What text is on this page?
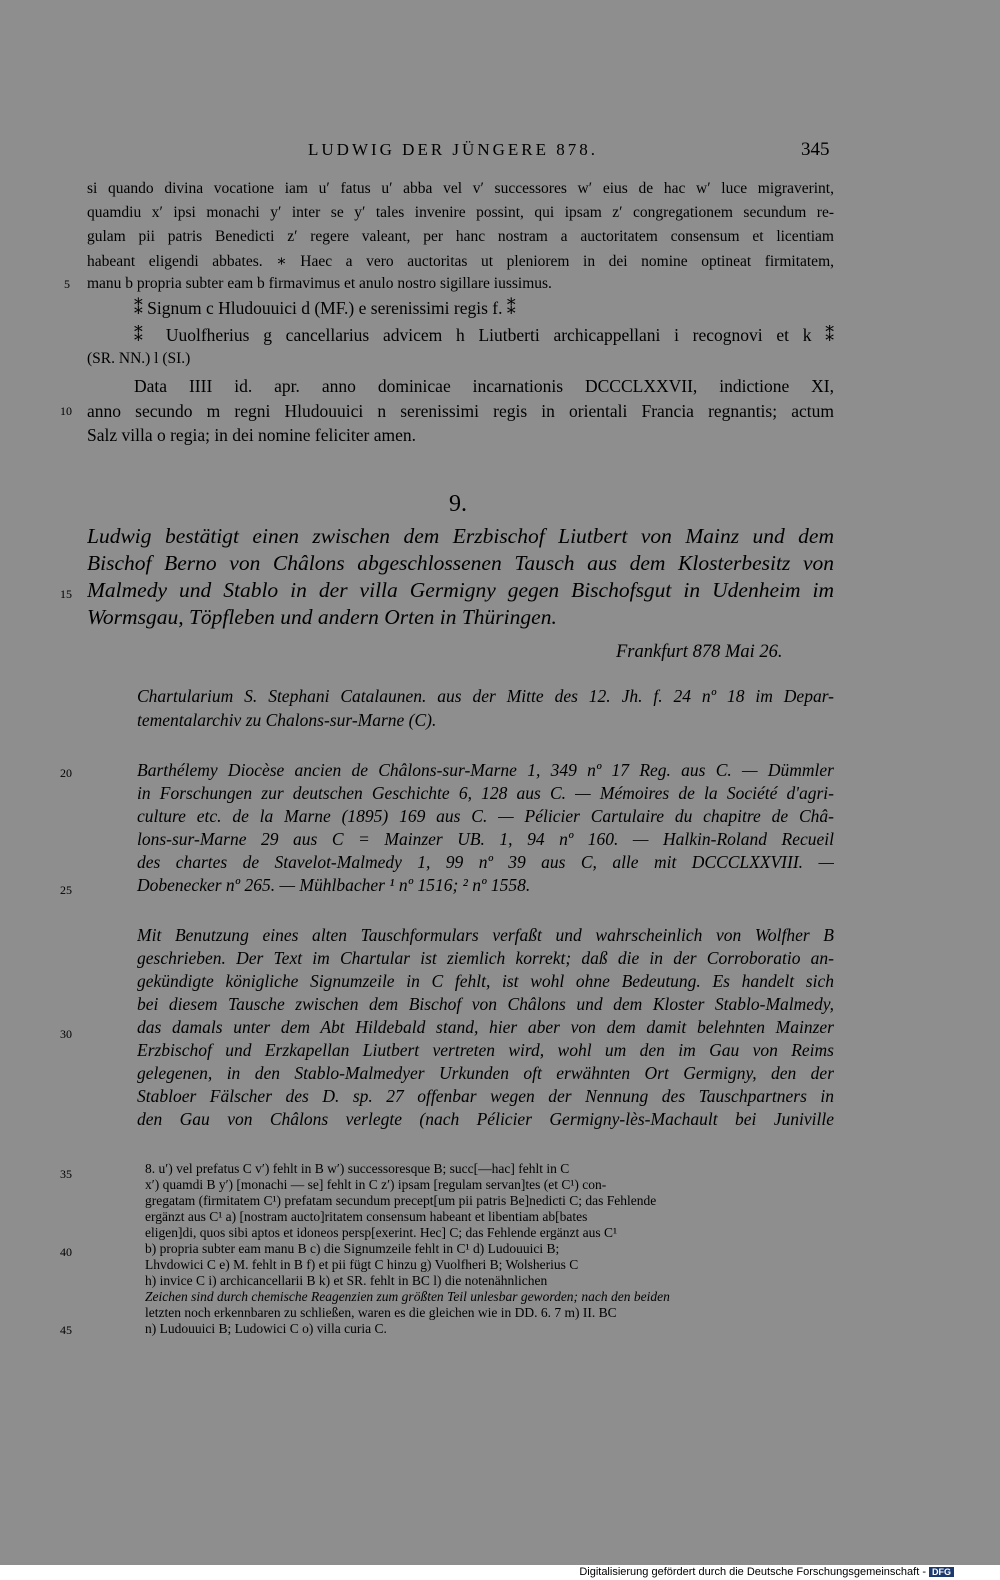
LUDWIG DER JÜNGERE 878.	345
si quando divina vocatione iam u′ fatus u′ abba vel v′ successores w′ eius de hac w′ luce migraverint,
quamdiu x′ ipsi monachi y′ inter se y′ tales invenire possint, qui ipsam z′ congregationem secundum re-
gulam pii patris Benedicti z′ regere valeant, per hanc nostram a auctoritatem consensum et licentiam
habeant eligendi abbates. ∗ Haec a vero auctoritas ut pleniorem in dei nomine optineat firmitatem,
manu b propria subter eam b firmavimus et anulo nostro sigillare iussimus.
⁑ Signum c Hludouuici d (MF.) e serenissimi regis f. ⁑
⁑ Uuolfherius g cancellarius advicem h Liutberti archicappellani i recognovi et k ⁑
(SR. NN.) l (SI.)
Data IIII id. apr. anno dominicae incarnationis DCCCLXXVII, indictione XI,
anno secundo m regni Hludouuici n serenissimi regis in orientali Francia regnantis; actum
Salz villa o regia; in dei nomine feliciter amen.
5
10
15
20
25
30
35
40
45
9.
Ludwig bestätigt einen zwischen dem Erzbischof Liutbert von Mainz und dem
Bischof Berno von Châlons abgeschlossenen Tausch aus dem Klosterbesitz von
Malmedy und Stablo in der villa Germigny gegen Bischofsgut in Udenheim im
Wormsgau, Töpfleben und andern Orten in Thüringen.
Frankfurt 878 Mai 26.
Chartularium S. Stephani Catalaunen. aus der Mitte des 12. Jh. f. 24 nº 18 im Depar-
tementalarchiv zu Chalons-sur-Marne (C).
Barthélemy Diocèse ancien de Châlons-sur-Marne 1, 349 nº 17 Reg. aus C. — Dümmler
in Forschungen zur deutschen Geschichte 6, 128 aus C. — Mémoires de la Société d'agri-
culture etc. de la Marne (1895) 169 aus C. — Pélicier Cartulaire du chapitre de Châ-
lons-sur-Marne 29 aus C = Mainzer UB. 1, 94 nº 160. — Halkin-Roland Recueil
des chartes de Stavelot-Malmedy 1, 99 nº 39 aus C, alle mit DCCCLXXVIII. —
Dobenecker nº 265. — Mühlbacher ¹ nº 1516; ² nº 1558.
Mit Benutzung eines alten Tauschformulars verfaßt und wahrscheinlich von Wolfher B
geschrieben. Der Text im Chartular ist ziemlich korrekt; daß die in der Corroboratio an-
gekündigte königliche Signumzeile in C fehlt, ist wohl ohne Bedeutung. Es handelt sich
bei diesem Tausche zwischen dem Bischof von Châlons und dem Kloster Stablo-Malmedy,
das damals unter dem Abt Hildebald stand, hier aber von dem damit belehnten Mainzer
Erzbischof und Erzkapellan Liutbert vertreten wird, wohl um den im Gau von Reims
gelegenen, in den Stablo-Malmedyer Urkunden oft erwähnten Ort Germigny, den der
Stabloer Fälscher des D. sp. 27 offenbar wegen der Nennung des Tauschpartners in
den Gau von Châlons verlegte (nach Pélicier Germigny-lès-Machault bei Juniville
8. u′) vel prefatus C v′) fehlt in B w′) successoresque B; succ[—hac] fehlt in C
x′) quamdi B y′) [monachi — se] fehlt in C z′) ipsam [regulam servan]tes (et C¹) con-
gregatam (firmitatem C¹) prefatam secundum precept[um pii patris Be]nedicti C; das Fehlende
ergänzt aus C¹ a) [nostram aucto]ritatem consensum habeant et libentiam ab[bates
eligen]di, quos sibi aptos et idoneos persp[exerint. Hec] C; das Fehlende ergänzt aus C¹
b) propria subter eam manu B c) die Signumzeile fehlt in C¹ d) Ludouuici B;
Lhvdowici C e) M. fehlt in B f) et pii fügt C hinzu g) Vuolfheri B; Wolsherius C
h) invice C i) archicancellarii B k) et SR. fehlt in BC l) die notenähnlichen
Zeichen sind durch chemische Reagenzien zum größten Teil unlesbar geworden; nach den beiden
letzten noch erkennbaren zu schließen, waren es die gleichen wie in DD. 6. 7 m) II. BC
n) Ludouuici B; Ludowici C o) villa curia C.
Digitalisierung gefördert durch die Deutsche Forschungsgemeinschaft - DFG
